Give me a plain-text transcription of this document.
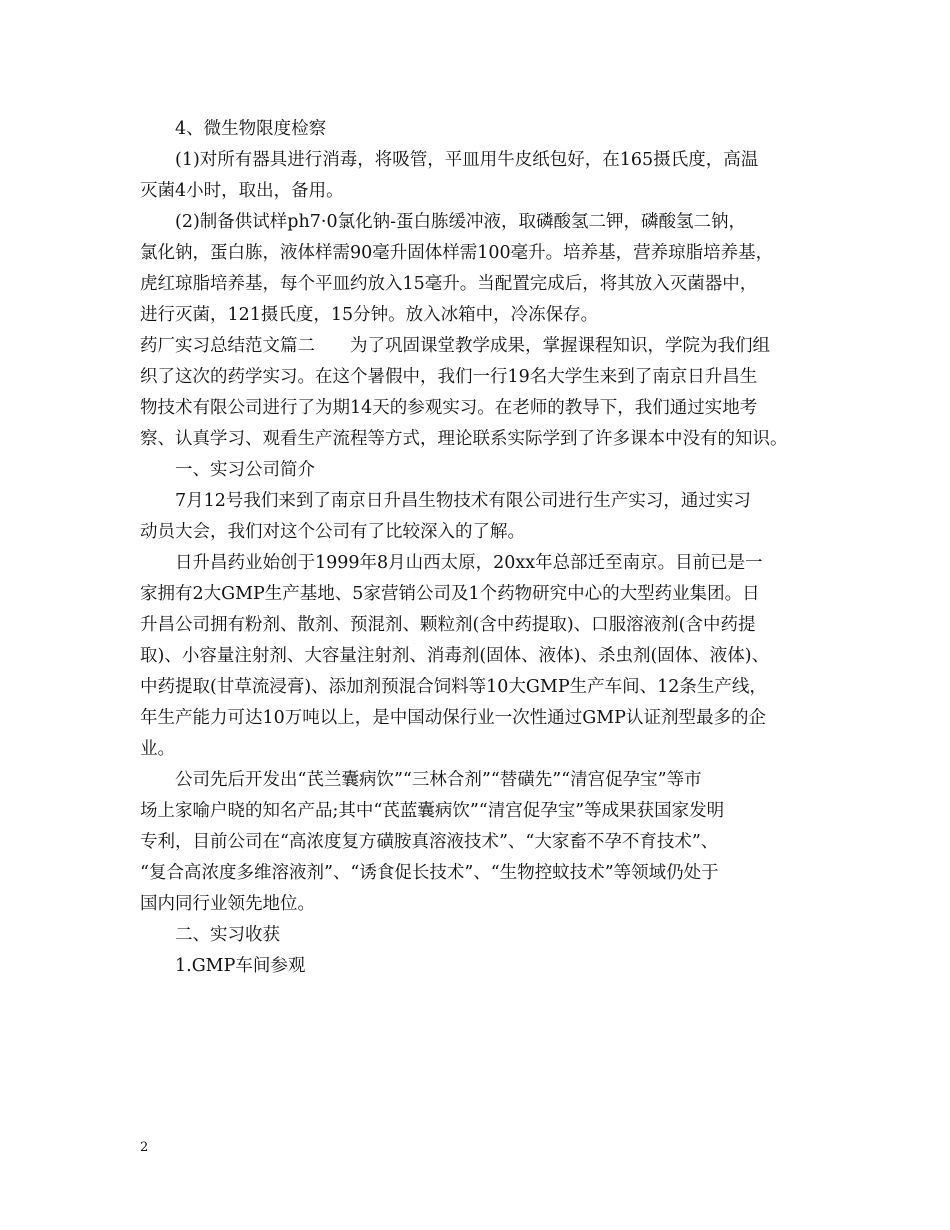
4、微生物限度检察

(1)对所有器具进行消毒，将吸管，平皿用牛皮纸包好，在165摄氏度，高温
灭菌4小时，取出，备用。

(2)制备供试样ph7·0氯化钠-蛋白胨缓冲液，取磷酸氢二钾，磷酸氢二钠，
氯化钠，蛋白胨，液体样需90毫升固体样需100毫升。培养基，营养琼脂培养基，
虎红琼脂培养基，每个平皿约放入15毫升。当配置完成后，将其放入灭菌器中，
进行灭菌，121摄氏度，15分钟。放入冰箱中，冷冻保存。

药厂实习总结范文篇二　　为了巩固课堂教学成果，掌握课程知识，学院为我们组
织了这次的药学实习。在这个暑假中，我们一行19名大学生来到了南京日升昌生
物技术有限公司进行了为期14天的参观实习。在老师的教导下，我们通过实地考
察、认真学习、观看生产流程等方式，理论联系实际学到了许多课本中没有的知识。

一、实习公司简介

7月12号我们来到了南京日升昌生物技术有限公司进行生产实习，通过实习
动员大会，我们对这个公司有了比较深入的了解。

日升昌药业始创于1999年8月山西太原，20xx年总部迁至南京。目前已是一
家拥有2大GMP生产基地、5家营销公司及1个药物研究中心的大型药业集团。日
升昌公司拥有粉剂、散剂、预混剂、颗粒剂(含中药提取)、口服溶液剂(含中药提
取)、小容量注射剂、大容量注射剂、消毒剂(固体、液体)、杀虫剂(固体、液体)、
中药提取(甘草流浸膏)、添加剂预混合饲料等10大GMP生产车间、12条生产线，
年生产能力可达10万吨以上，是中国动保行业一次性通过GMP认证剂型最多的企
业。

公司先后开发出“芪兰囊病饮”“三林合剂”“替磺先”“清宫促孕宝”等市
场上家喻户晓的知名产品;其中“芪蓝囊病饮”“清宫促孕宝”等成果获国家发明
专利，目前公司在“高浓度复方磺胺真溶液技术”、“大家畜不孕不育技术”、
“复合高浓度多维溶液剂”、“诱食促长技术”、“生物控蚊技术”等领域仍处于
国内同行业领先地位。

二、实习收获

1.GMP车间参观

2
